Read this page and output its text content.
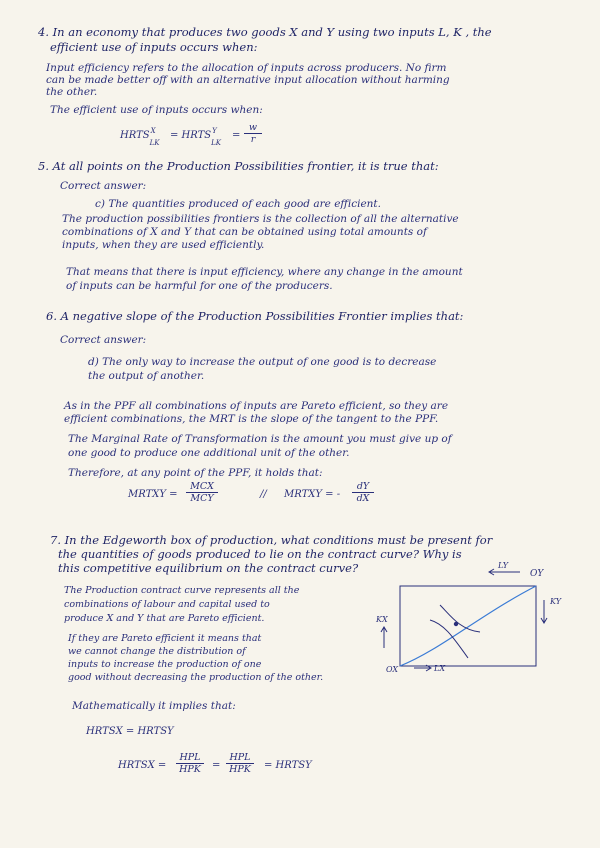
4. In an economy that produces two goods X and Y using two inputs L, K , the
efficient use of inputs occurs when:
Input efficiency refers to the allocation of inputs across producers. No firm
can be made better off with an alternative input allocation without harming
the other.
The efficient use of inputs occurs when:
HRTS X
$_{LK}$
= HRTS Y
$_{LK}$
= $\frac{w}{r}$
5. At all points on the Production Possibilities frontier, it is true that:
Correct answer:
c) The quantities produced of each good are efficient.
The production possibilities frontiers is the collection of all the alternative
combinations of X and Y that can be obtained using total amounts of
inputs, when they are used efficiently.
That means that there is input efficiency, where any change in the amount
of inputs can be harmful for one of the producers.
6. A negative slope of the Production Possibilities Frontier implies that:
Correct answer:
d) The only way to increase the output of one good is to decrease
the output of another.
As in the PPF all combinations of inputs are Pareto efficient, so they are
efficient combinations, the MRT is the slope of the tangent to the PPF.
The Marginal Rate of Transformation is the amount you must give up of
one good to produce one additional unit of the other.
Therefore, at any point of the PPF, it holds that:
MRTXY =
MCX
MCY	// MRTXY = - $\frac{dY}{dX}$
7. In the Edgeworth box of production, what conditions must be present for
the quantities of goods produced to lie on the contract curve? Why is
this competitive equilibrium on the contract curve?
The Production contract curve represents all the
combinations of labour and capital used to
produce X and Y that are Pareto efficient.
If they are Pareto efficient it means that
we cannot change the distribution of
inputs to increase the production of one
good without decreasing the production of the other.
Mathematically it implies that:
HRTSX = HRTSY
HRTSX =
HPL
HPK	=
HPL
HPK	= HRTSY
LY
OY
KY
KX
OX	LX
